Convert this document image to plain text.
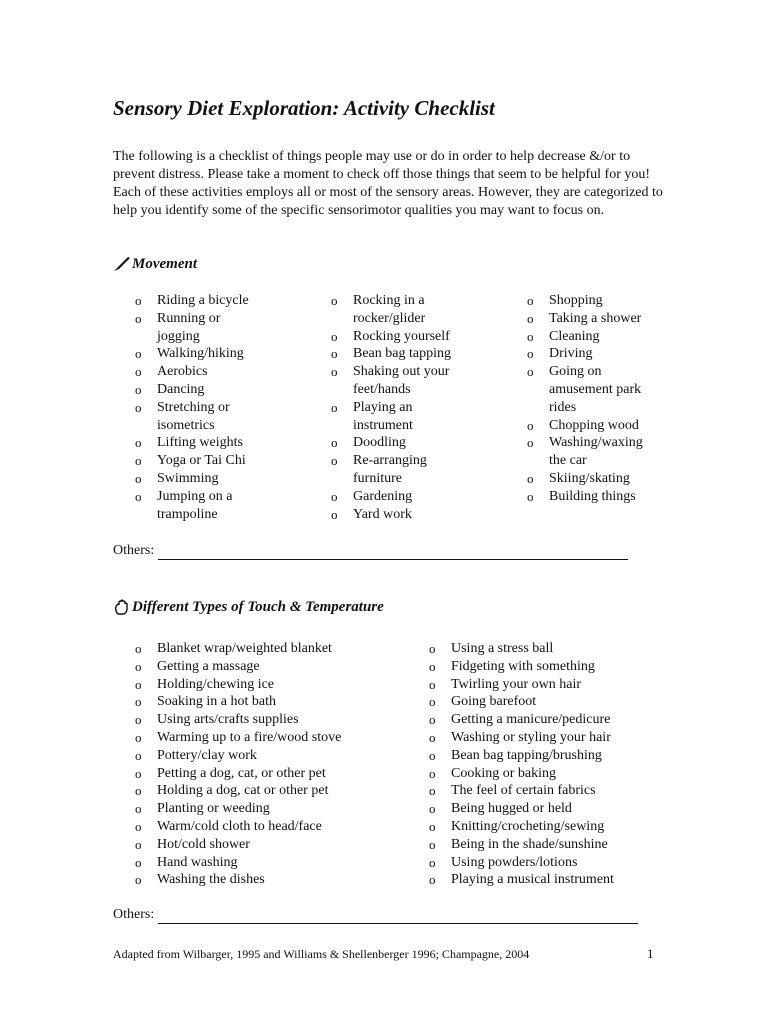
Sensory Diet Exploration: Activity Checklist

The following is a checklist of things people may use or do in order to help decrease &/or to prevent distress. Please take a moment to check off those things that seem to be helpful for you! Each of these activities employs all or most of the sensory areas. However, they are categorized to help you identify some of the specific sensorimotor qualities you may want to focus on.

Movement
o	Riding a bicycle
o	Running or jogging
o	Walking/hiking
o	Aerobics
o	Dancing
o	Stretching or isometrics
o	Lifting weights
o	Yoga or Tai Chi
o	Swimming
o	Jumping on a trampoline
o	Rocking in a rocker/glider
o	Rocking yourself
o	Bean bag tapping
o	Shaking out your feet/hands
o	Playing an instrument
o	Doodling
o	Re-arranging furniture
o	Gardening
o	Yard work
o	Shopping
o	Taking a shower
o	Cleaning
o	Driving
o	Going on amusement park rides
o	Chopping wood
o	Washing/waxing the car
o	Skiing/skating
o	Building things
Others:
Different Types of Touch & Temperature
o	Blanket wrap/weighted blanket
o	Getting a massage
o	Holding/chewing ice
o	Soaking in a hot bath
o	Using arts/crafts supplies
o	Warming up to a fire/wood stove
o	Pottery/clay work
o	Petting a dog, cat, or other pet
o	Holding a dog, cat or other pet
o	Planting or weeding
o	Warm/cold cloth to head/face
o	Hot/cold shower
o	Hand washing
o	Washing the dishes
o	Using a stress ball
o	Fidgeting with something
o	Twirling your own hair
o	Going barefoot
o	Getting a manicure/pedicure
o	Washing or styling your hair
o	Bean bag tapping/brushing
o	Cooking or baking
o	The feel of certain fabrics
o	Being hugged or held
o	Knitting/crocheting/sewing
o	Being in the shade/sunshine
o	Using powders/lotions
o	Playing a musical instrument
Others:
Adapted from Wilbarger, 1995 and Williams & Shellenberger 1996; Champagne, 2004	1
